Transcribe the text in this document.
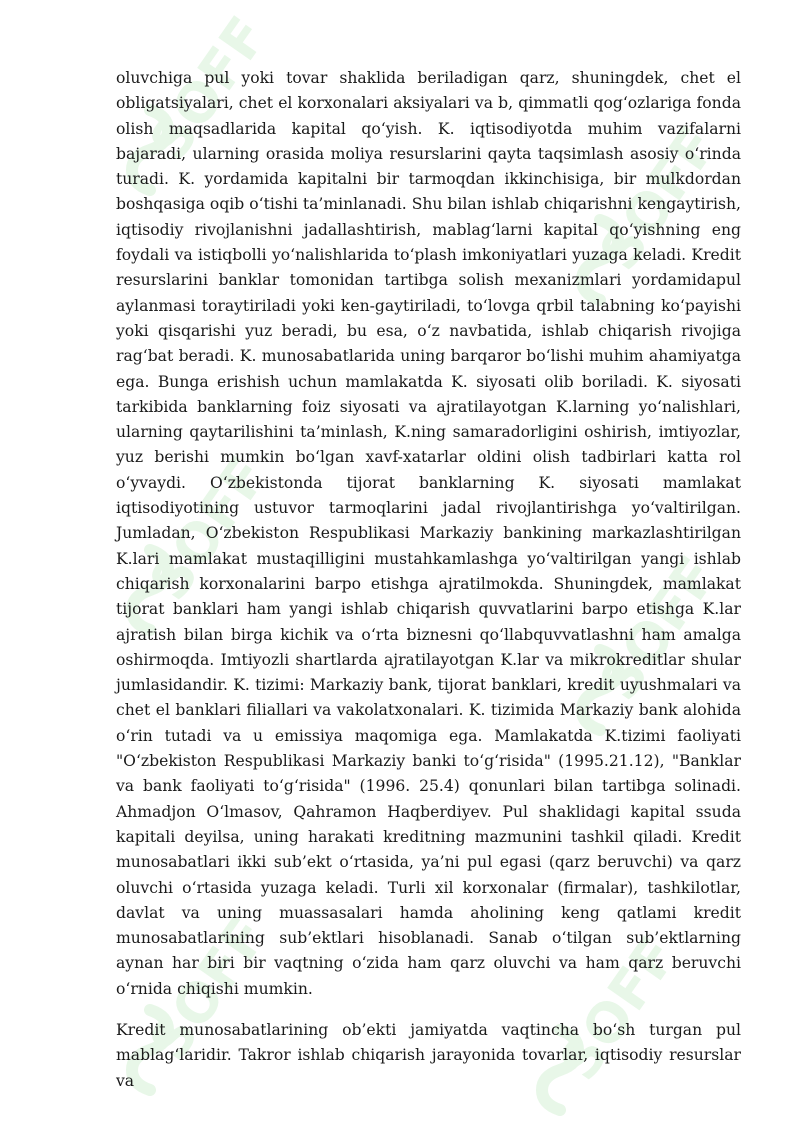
oluvchiga pul yoki tovar shaklida beriladigan qarz, shuningdek, chet el obligatsiyalari, chet el korxonalari aksiyalari va b, qimmatli qog‘ozlariga fonda olish maqsadlarida kapital qo‘yish. K. iqtisodiyotda muhim vazifalarni bajaradi, ularning orasida moliya resurslarini qayta taqsimlash asosiy o‘rinda turadi. K. yordamida kapitalni bir tarmoqdan ikkinchisiga, bir mulkdordan boshqasiga oqib o‘tishi ta’minlanadi. Shu bilan ishlab chiqarishni kengaytirish, iqtisodiy rivojlanishni jadallashtirish, mablag‘larni kapital qo‘yishning eng foydali va istiqbolli yo‘nalishlarida to‘plash imkoniyatlari yuzaga keladi. Kredit resurslarini banklar tomonidan tartibga solish mexanizmlari yordamidapul aylanmasi toraytiriladi yoki ken-gaytiriladi, to‘lovga qrbil talabning ko‘payishi yoki qisqarishi yuz beradi, bu esa, o‘z navbatida, ishlab chiqarish rivojiga rag‘bat beradi. K. munosabatlarida uning barqaror bo‘lishi muhim ahamiyatga ega. Bunga erishish uchun mamlakatda K. siyosati olib boriladi. K. siyosati tarkibida banklarning foiz siyosati va ajratilayotgan K.larning yo‘nalishlari, ularning qaytarilishini ta’minlash, K.ning samaradorligini oshirish, imtiyozlar, yuz berishi mumkin bo‘lgan xavf-xatarlar oldini olish tadbirlari katta rol o‘yvaydi. O‘zbekistonda tijorat banklarning K. siyosati mamlakat iqtisodiyotining ustuvor tarmoqlarini jadal rivojlantirishga yo‘valtirilgan. Jumladan, O‘zbekiston Respublikasi Markaziy bankining markazlashtirilgan K.lari mamlakat mustaqilligini mustahkamlashga yo‘valtirilgan yangi ishlab chiqarish korxonalarini barpo etishga ajratilmokda. Shuningdek, mamlakat tijorat banklari ham yangi ishlab chiqarish quvvatlarini barpo etishga K.lar ajratish bilan birga kichik va o‘rta biznesni qo‘llabquvvatlashni ham amalga oshirmoqda. Imtiyozli shartlarda ajratilayotgan K.lar va mikrokreditlar shular jumlasidandir. K. tizimi: Markaziy bank, tijorat banklari, kredit uyushmalari va chet el banklari filiallari va vakolatxonalari. K. tizimida Markaziy bank alohida o‘rin tutadi va u emissiya maqomiga ega. Mamlakatda K.tizimi faoliyati "O‘zbekiston Respublikasi Markaziy banki to‘g‘risida" (1995.21.12), "Banklar va bank faoliyati to‘g‘risida" (1996. 25.4) qonunlari bilan tartibga solinadi. Ahmadjon O‘lmasov, Qahramon Haqberdiyev. Pul shaklidagi kapital ssuda kapitali deyilsa, uning harakati kreditning mazmunini tashkil qiladi. Kredit munosabatlari ikki sub’ekt o‘rtasida, ya’ni pul egasi (qarz beruvchi) va qarz oluvchi o‘rtasida yuzaga keladi. Turli xil korxonalar (firmalar), tashkilotlar, davlat va uning muassasalari hamda aholining keng qatlami kredit munosabatlarining sub’ektlari hisoblanadi. Sanab o‘tilgan sub’ektlarning aynan har biri bir vaqtning o‘zida ham qarz oluvchi va ham qarz beruvchi o‘rnida chiqishi mumkin.

Kredit munosabatlarining ob’ekti jamiyatda vaqtincha bo‘sh turgan pul mablag‘laridir. Takror ishlab chiqarish jarayonida tovarlar, iqtisodiy resurslar va
